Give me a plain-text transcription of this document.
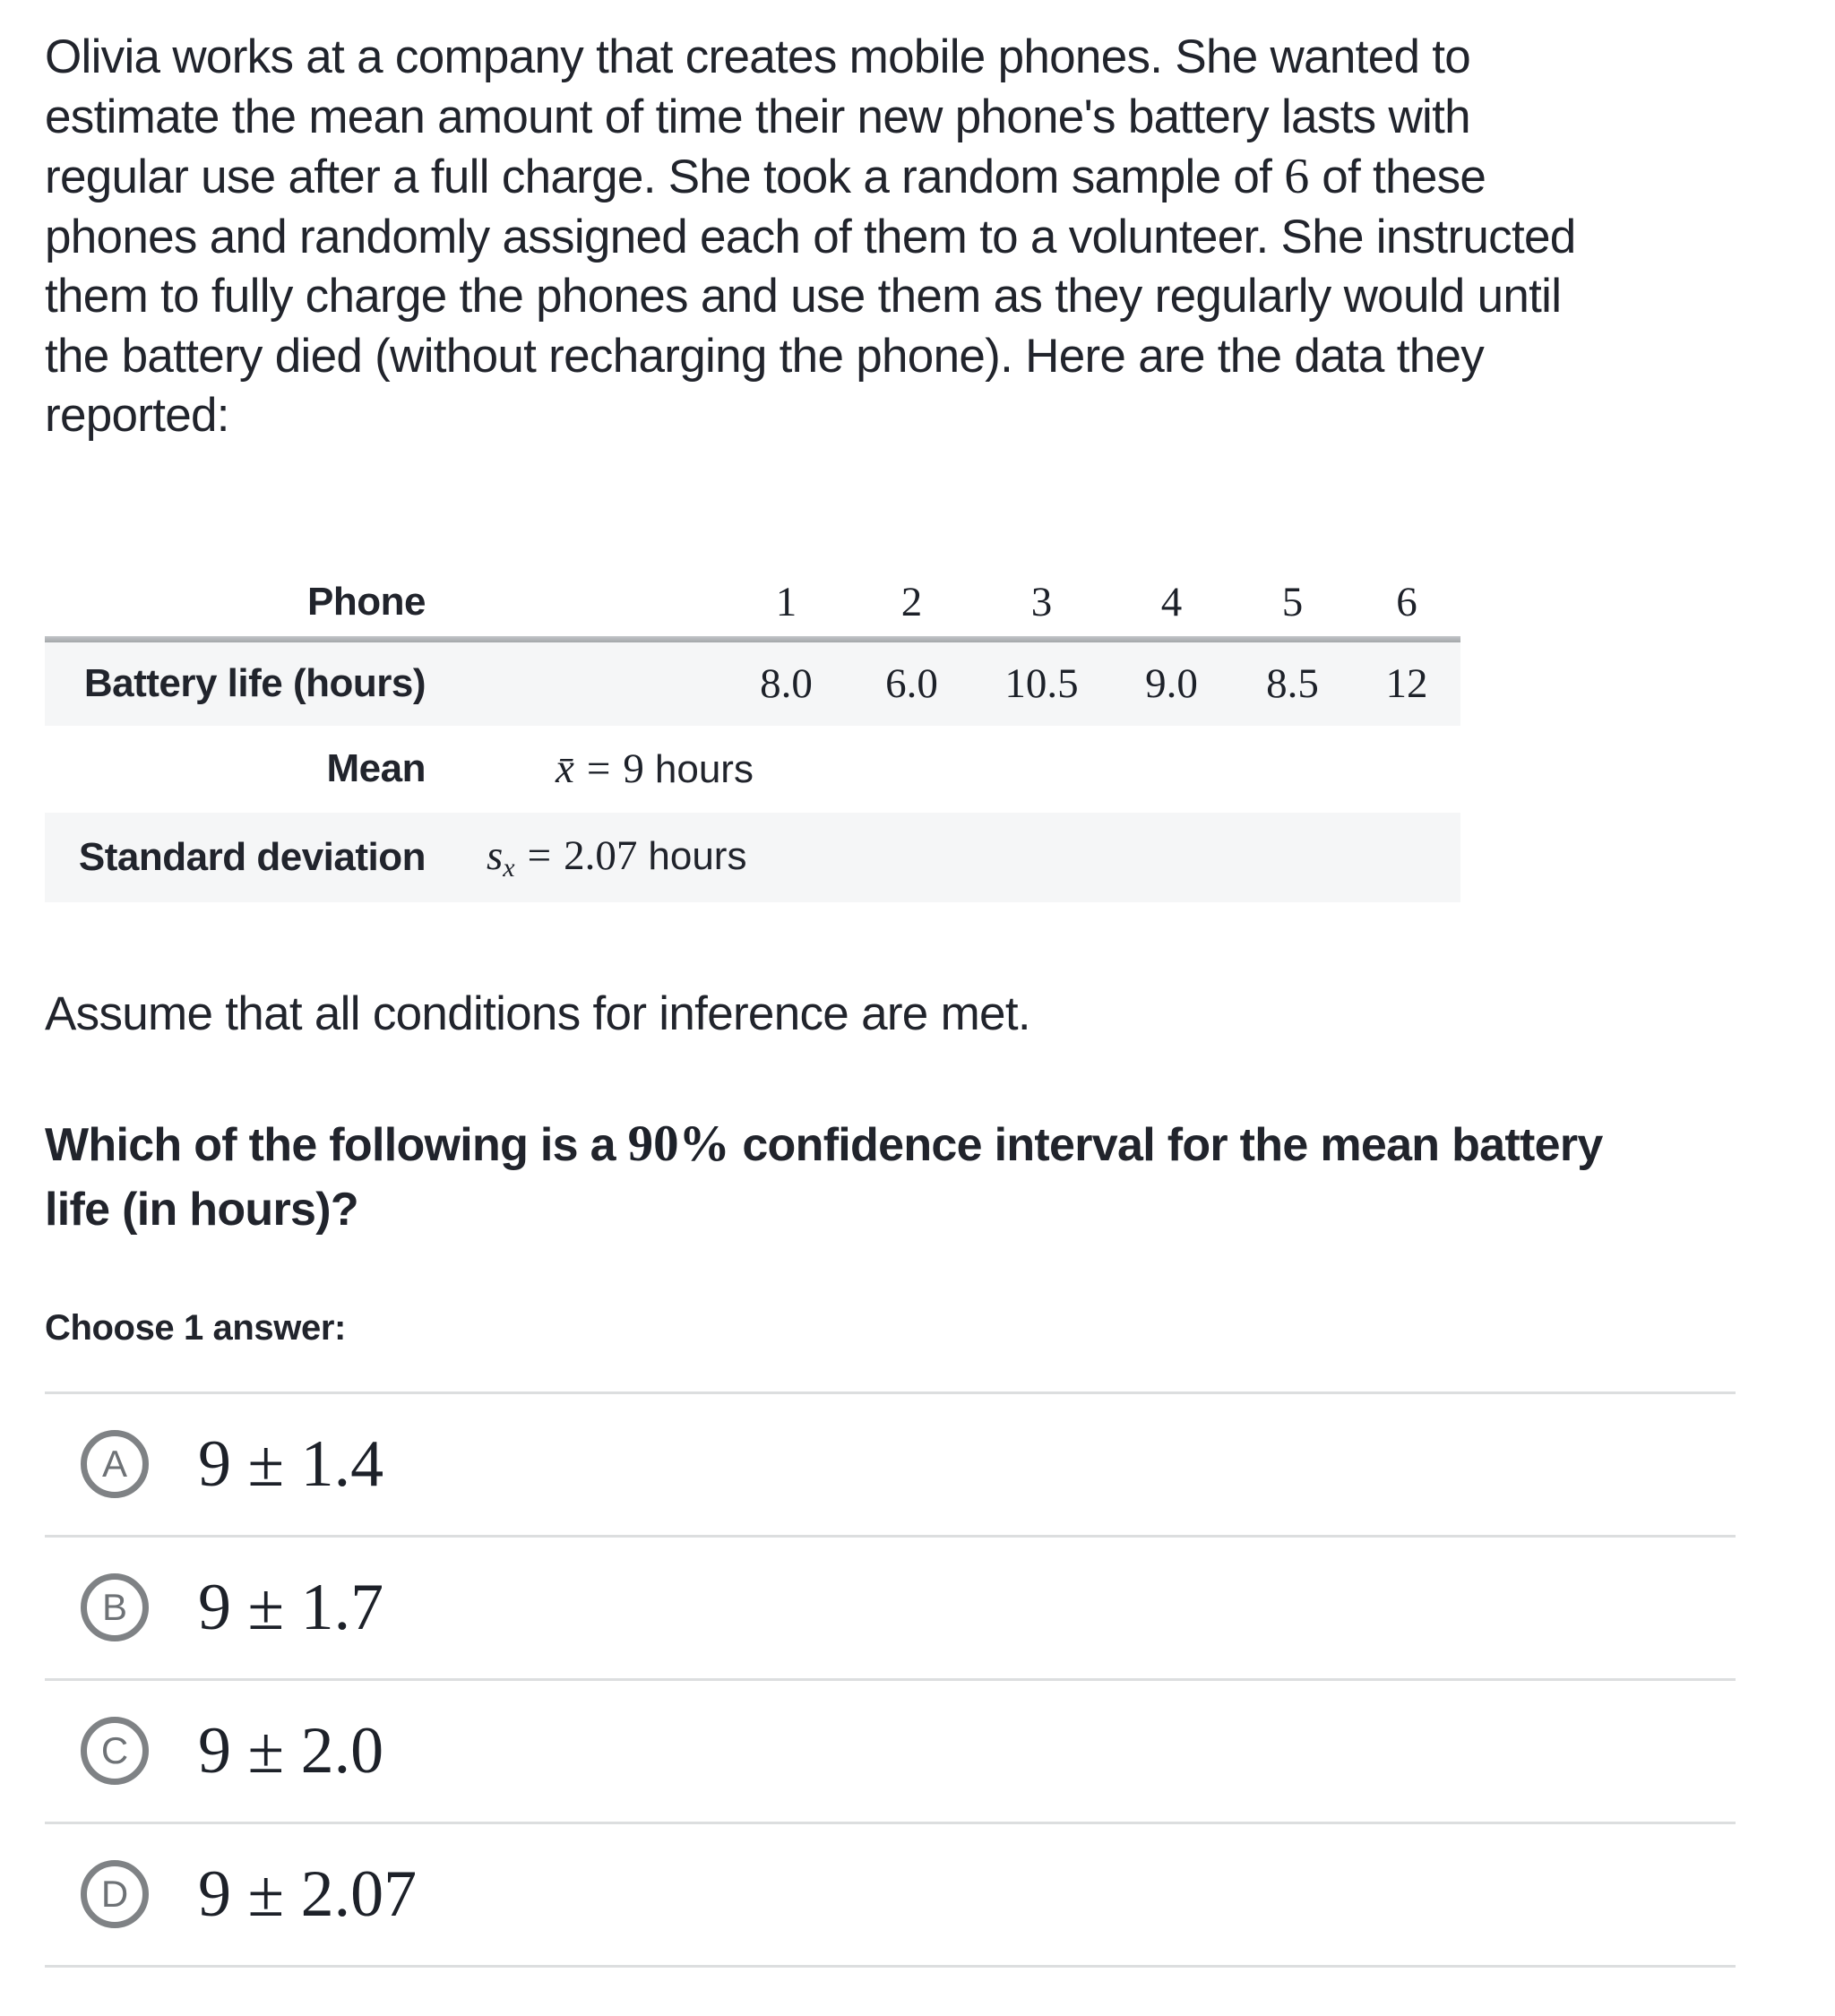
Olivia works at a company that creates mobile phones. She wanted to
estimate the mean amount of time their new phone's battery lasts with
regular use after a full charge. She took a random sample of 6 of these
phones and randomly assigned each of them to a volunteer. She instructed
them to fully charge the phones and use them as they regularly would until
the battery died (without recharging the phone). Here are the data they
reported:
Phone	1	2	3	4	5	6
Battery life (hours)	8.0	6.0	10.5	9.0	8.5	12
Mean	x̄ = 9 hours
Standard deviation	sx = 2.07 hours

Assume that all conditions for inference are met.

Which of the following is a 90% confidence interval for the mean battery
life (in hours)?
Choose 1 answer:
A 9 ± 1.4
B 9 ± 1.7
C 9 ± 2.0
D 9 ± 2.07
